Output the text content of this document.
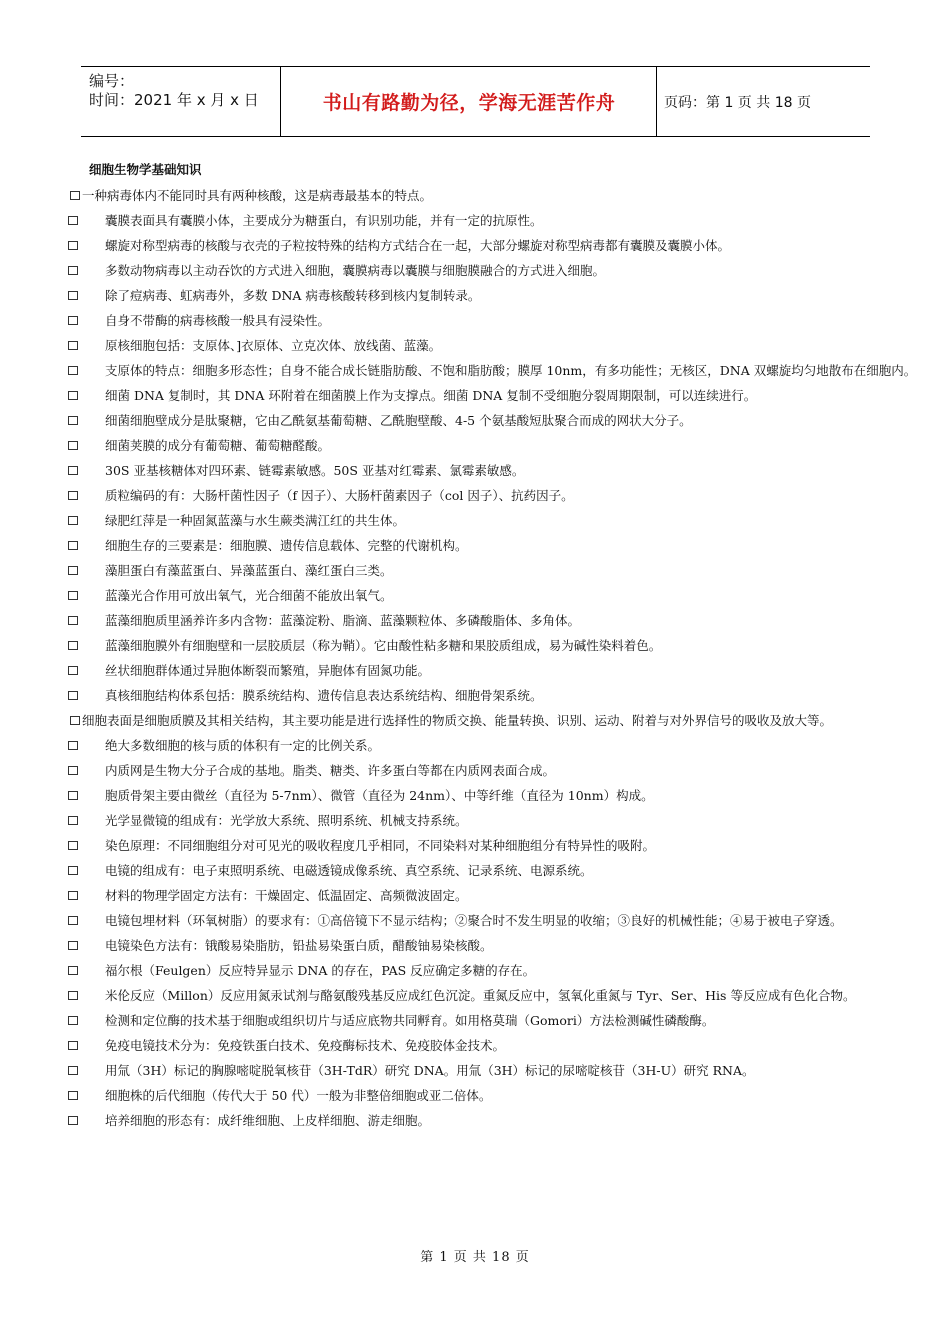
编号：
时间：2021 年 x 月 x 日	书山有路勤为径，学海无涯苦作舟	页码：第 1 页 共 18 页
细胞生物学基础知识
一种病毒体内不能同时具有两种核酸，这是病毒最基本的特点。
囊膜表面具有囊膜小体，主要成分为糖蛋白，有识别功能，并有一定的抗原性。
螺旋对称型病毒的核酸与衣壳的子粒按特殊的结构方式结合在一起，大部分螺旋对称型病毒都有囊膜及囊膜小体。
多数动物病毒以主动吞饮的方式进入细胞，囊膜病毒以囊膜与细胞膜融合的方式进入细胞。
除了痘病毒、虹病毒外，多数 DNA 病毒核酸转移到核内复制转录。
自身不带酶的病毒核酸一般具有浸染性。
原核细胞包括：支原体、]衣原体、立克次体、放线菌、蓝藻。
支原体的特点：细胞多形态性；自身不能合成长链脂肪酸、不饱和脂肪酸；膜厚 10nm，有多功能性；无核区，DNA 双螺旋均匀地散布在细胞内。
细菌 DNA 复制时，其 DNA 环附着在细菌膜上作为支撑点。细菌 DNA 复制不受细胞分裂周期限制，可以连续进行。
细菌细胞壁成分是肽聚糖，它由乙酰氨基葡萄糖、乙酰胞壁酸、4-5 个氨基酸短肽聚合而成的网状大分子。
细菌荚膜的成分有葡萄糖、葡萄糖醛酸。
30S 亚基核糖体对四环素、链霉素敏感。50S 亚基对红霉素、氯霉素敏感。
质粒编码的有：大肠杆菌性因子（f 因子）、大肠杆菌素因子（col 因子）、抗药因子。
绿肥红萍是一种固氮蓝藻与水生蕨类满江红的共生体。
细胞生存的三要素是：细胞膜、遗传信息载体、完整的代谢机构。
藻胆蛋白有藻蓝蛋白、异藻蓝蛋白、藻红蛋白三类。
蓝藻光合作用可放出氧气，光合细菌不能放出氧气。
蓝藻细胞质里涵养许多内含物：蓝藻淀粉、脂滴、蓝藻颗粒体、多磷酸脂体、多角体。
蓝藻细胞膜外有细胞壁和一层胶质层（称为鞘）。它由酸性粘多糖和果胶质组成，易为碱性染料着色。
丝状细胞群体通过异胞体断裂而繁殖，异胞体有固氮功能。
真核细胞结构体系包括：膜系统结构、遗传信息表达系统结构、细胞骨架系统。
细胞表面是细胞质膜及其相关结构，其主要功能是进行选择性的物质交换、能量转换、识别、运动、附着与对外界信号的吸收及放大等。
绝大多数细胞的核与质的体积有一定的比例关系。
内质网是生物大分子合成的基地。脂类、糖类、许多蛋白等都在内质网表面合成。
胞质骨架主要由微丝（直径为 5-7nm）、微管（直径为 24nm）、中等纤维（直径为 10nm）构成。
光学显微镜的组成有：光学放大系统、照明系统、机械支持系统。
染色原理：不同细胞组分对可见光的吸收程度几乎相同，不同染料对某种细胞组分有特异性的吸附。
电镜的组成有：电子束照明系统、电磁透镜成像系统、真空系统、记录系统、电源系统。
材料的物理学固定方法有：干燥固定、低温固定、高频微波固定。
电镜包埋材料（环氧树脂）的要求有：①高倍镜下不显示结构；②聚合时不发生明显的收缩；③良好的机械性能；④易于被电子穿透。
电镜染色方法有：锇酸易染脂肪，铅盐易染蛋白质，醋酸铀易染核酸。
福尔根（Feulgen）反应特异显示 DNA 的存在，PAS 反应确定多糖的存在。
米伦反应（Millon）反应用氮汞试剂与酪氨酸残基反应成红色沉淀。重氮反应中，氢氧化重氮与 Tyr、Ser、His 等反应成有色化合物。
检测和定位酶的技术基于细胞或组织切片与适应底物共同孵育。如用格莫瑞（Gomori）方法检测碱性磷酸酶。
免疫电镜技术分为：免疫铁蛋白技术、免疫酶标技术、免疫胶体金技术。
用氚（3H）标记的胸腺嘧啶脱氧核苷（3H-TdR）研究 DNA。用氚（3H）标记的尿嘧啶核苷（3H-U）研究 RNA。
细胞株的后代细胞（传代大于 50 代）一般为非整倍细胞或亚二倍体。
培养细胞的形态有：成纤维细胞、上皮样细胞、游走细胞。
第 1 页 共 18 页
